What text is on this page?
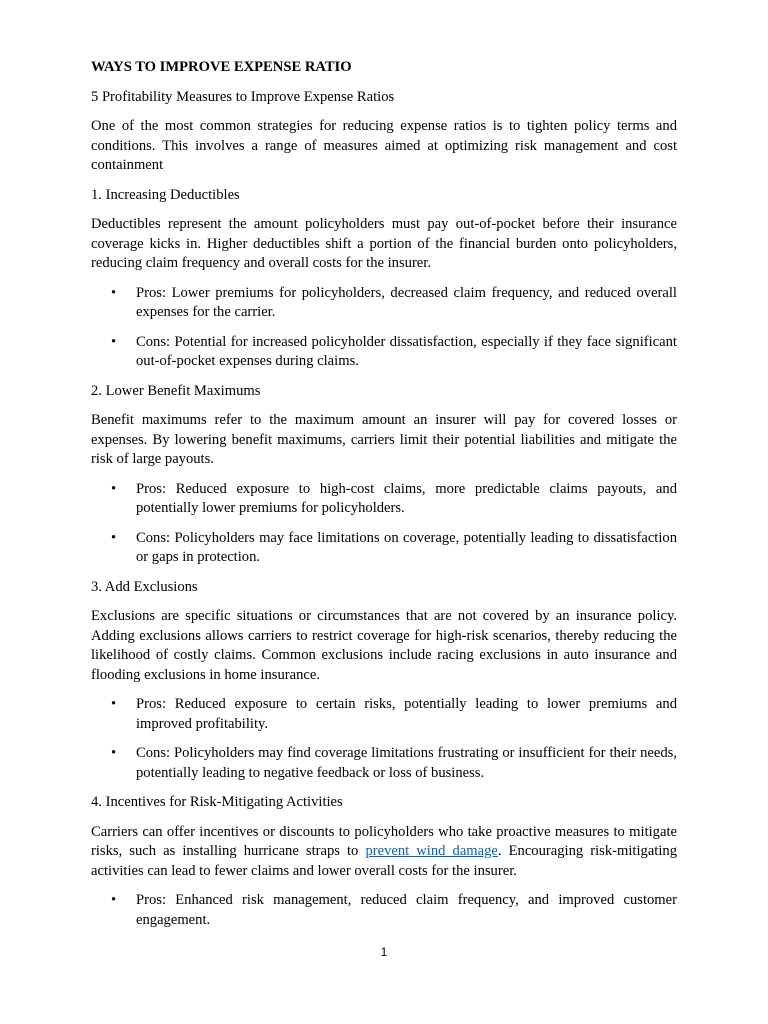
WAYS TO IMPROVE EXPENSE RATIO

5 Profitability Measures to Improve Expense Ratios

One of the most common strategies for reducing expense ratios is to tighten policy terms and conditions. This involves a range of measures aimed at optimizing risk management and cost containment

1. Increasing Deductibles

Deductibles represent the amount policyholders must pay out-of-pocket before their insurance coverage kicks in. Higher deductibles shift a portion of the financial burden onto policyholders, reducing claim frequency and overall costs for the insurer.

• Pros: Lower premiums for policyholders, decreased claim frequency, and reduced overall expenses for the carrier.
• Cons: Potential for increased policyholder dissatisfaction, especially if they face significant out-of-pocket expenses during claims.

2. Lower Benefit Maximums

Benefit maximums refer to the maximum amount an insurer will pay for covered losses or expenses. By lowering benefit maximums, carriers limit their potential liabilities and mitigate the risk of large payouts.

• Pros: Reduced exposure to high-cost claims, more predictable claims payouts, and potentially lower premiums for policyholders.
• Cons: Policyholders may face limitations on coverage, potentially leading to dissatisfaction or gaps in protection.

3. Add Exclusions

Exclusions are specific situations or circumstances that are not covered by an insurance policy. Adding exclusions allows carriers to restrict coverage for high-risk scenarios, thereby reducing the likelihood of costly claims. Common exclusions include racing exclusions in auto insurance and flooding exclusions in home insurance.

• Pros: Reduced exposure to certain risks, potentially leading to lower premiums and improved profitability.
• Cons: Policyholders may find coverage limitations frustrating or insufficient for their needs, potentially leading to negative feedback or loss of business.

4. Incentives for Risk-Mitigating Activities

Carriers can offer incentives or discounts to policyholders who take proactive measures to mitigate risks, such as installing hurricane straps to prevent wind damage. Encouraging risk-mitigating activities can lead to fewer claims and lower overall costs for the insurer.

• Pros: Enhanced risk management, reduced claim frequency, and improved customer engagement.
1
